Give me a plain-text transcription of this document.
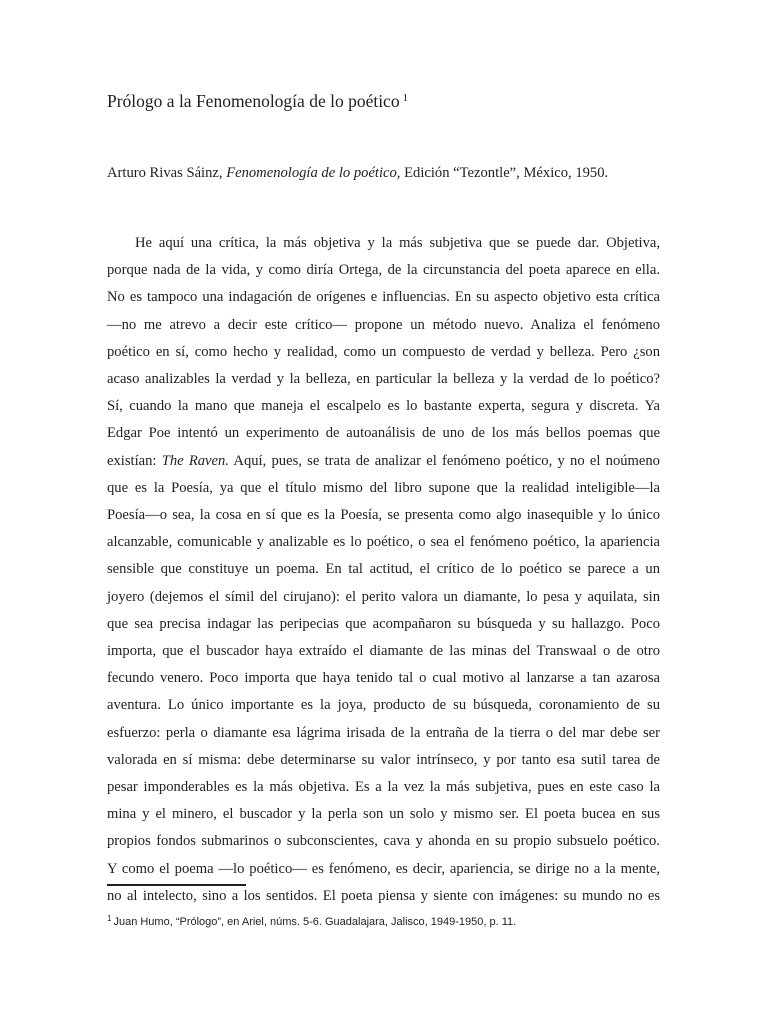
Prólogo a la Fenomenología de lo poético $^1$
Arturo Rivas Sáinz, Fenomenología de lo poético, Edición “Tezontle”, México, 1950.
He aquí una crítica, la más objetiva y la más subjetiva que se puede dar. Objetiva,
porque nada de la vida, y como diría Ortega, de la circunstancia del poeta aparece en ella.
No es tampoco una indagación de orígenes e influencias. En su aspecto objetivo esta crítica
—no me atrevo a decir este crítico— propone un método nuevo. Analiza el fenómeno
poético en sí, como hecho y realidad, como un compuesto de verdad y belleza. Pero ¿son
acaso analizables la verdad y la belleza, en particular la belleza y la verdad de lo poético?
Sí, cuando la mano que maneja el escalpelo es lo bastante experta, segura y discreta. Ya
Edgar Poe intentó un experimento de autoanálisis de uno de los más bellos poemas que
existían: The Raven. Aquí, pues, se trata de analizar el fenómeno poético, y no el noúmeno
que es la Poesía, ya que el título mismo del libro supone que la realidad inteligible—la
Poesía—o sea, la cosa en sí que es la Poesía, se presenta como algo inasequible y lo único
alcanzable, comunicable y analizable es lo poético, o sea el fenómeno poético, la apariencia
sensible que constituye un poema. En tal actitud, el crítico de lo poético se parece a un
joyero (dejemos el símil del cirujano): el perito valora un diamante, lo pesa y aquilata, sin
que sea precisa indagar las peripecias que acompañaron su búsqueda y su hallazgo. Poco
importa, que el buscador haya extraído el diamante de las minas del Transwaal o de otro
fecundo venero. Poco importa que haya tenido tal o cual motivo al lanzarse a tan azarosa
aventura. Lo único importante es la joya, producto de su búsqueda, coronamiento de su
esfuerzo: perla o diamante esa lágrima irisada de la entraña de la tierra o del mar debe ser
valorada en sí misma: debe determinarse su valor intrínseco, y por tanto esa sutil tarea de
pesar imponderables es la más objetiva. Es a la vez la más subjetiva, pues en este caso la
mina y el minero, el buscador y la perla son un solo y mismo ser. El poeta bucea en sus
propios fondos submarinos o subconscientes, cava y ahonda en su propio subsuelo poético.
Y como el poema —lo poético— es fenómeno, es decir, apariencia, se dirige no a la mente,
no al intelecto, sino a los sentidos. El poeta piensa y siente con imágenes: su mundo no es
$^1$ Juan Humo, “Prólogo”, en Ariel, núms. 5-6. Guadalajara, Jalisco, 1949-1950, p. 11.
